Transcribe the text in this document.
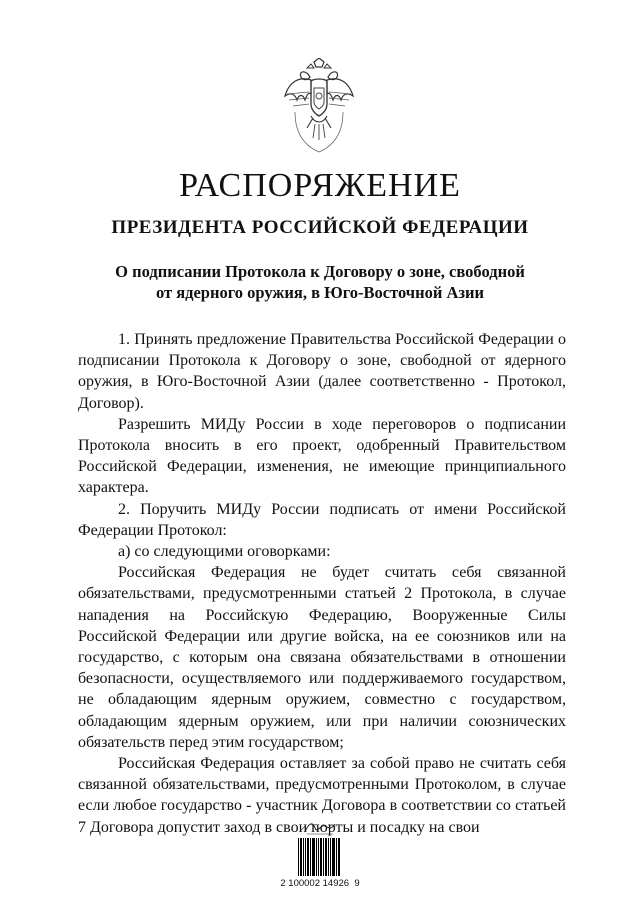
РАСПОРЯЖЕНИЕ
ПРЕЗИДЕНТА РОССИЙСКОЙ ФЕДЕРАЦИИ
О подписании Протокола к Договору о зоне, свободной
от ядерного оружия, в Юго-Восточной Азии

1. Принять предложение Правительства Российской Федерации о подписании Протокола к Договору о зоне, свободной от ядерного оружия, в Юго-Восточной Азии (далее соответственно - Протокол, Договор).

Разрешить МИДу России в ходе переговоров о подписании Протокола вносить в его проект, одобренный Правительством Российской Федерации, изменения, не имеющие принципиального характера.

2. Поручить МИДу России подписать от имени Российской Федерации Протокол:

а) со следующими оговорками:

Российская Федерация не будет считать себя связанной обязательствами, предусмотренными статьей 2 Протокола, в случае нападения на Российскую Федерацию, Вооруженные Силы Российской Федерации или другие войска, на ее союзников или на государство, с которым она связана обязательствами в отношении безопасности, осуществляемого или поддерживаемого государством, не обладающим ядерным оружием, совместно с государством, обладающим ядерным оружием, или при наличии союзнических обязательств перед этим государством;

Российская Федерация оставляет за собой право не считать себя связанной обязательствами, предусмотренными Протоколом, в случае если любое государство - участник Договора в соответствии со статьей 7 Договора допустит заход в свои порты и посадку на свои

2 100002 14926  9
